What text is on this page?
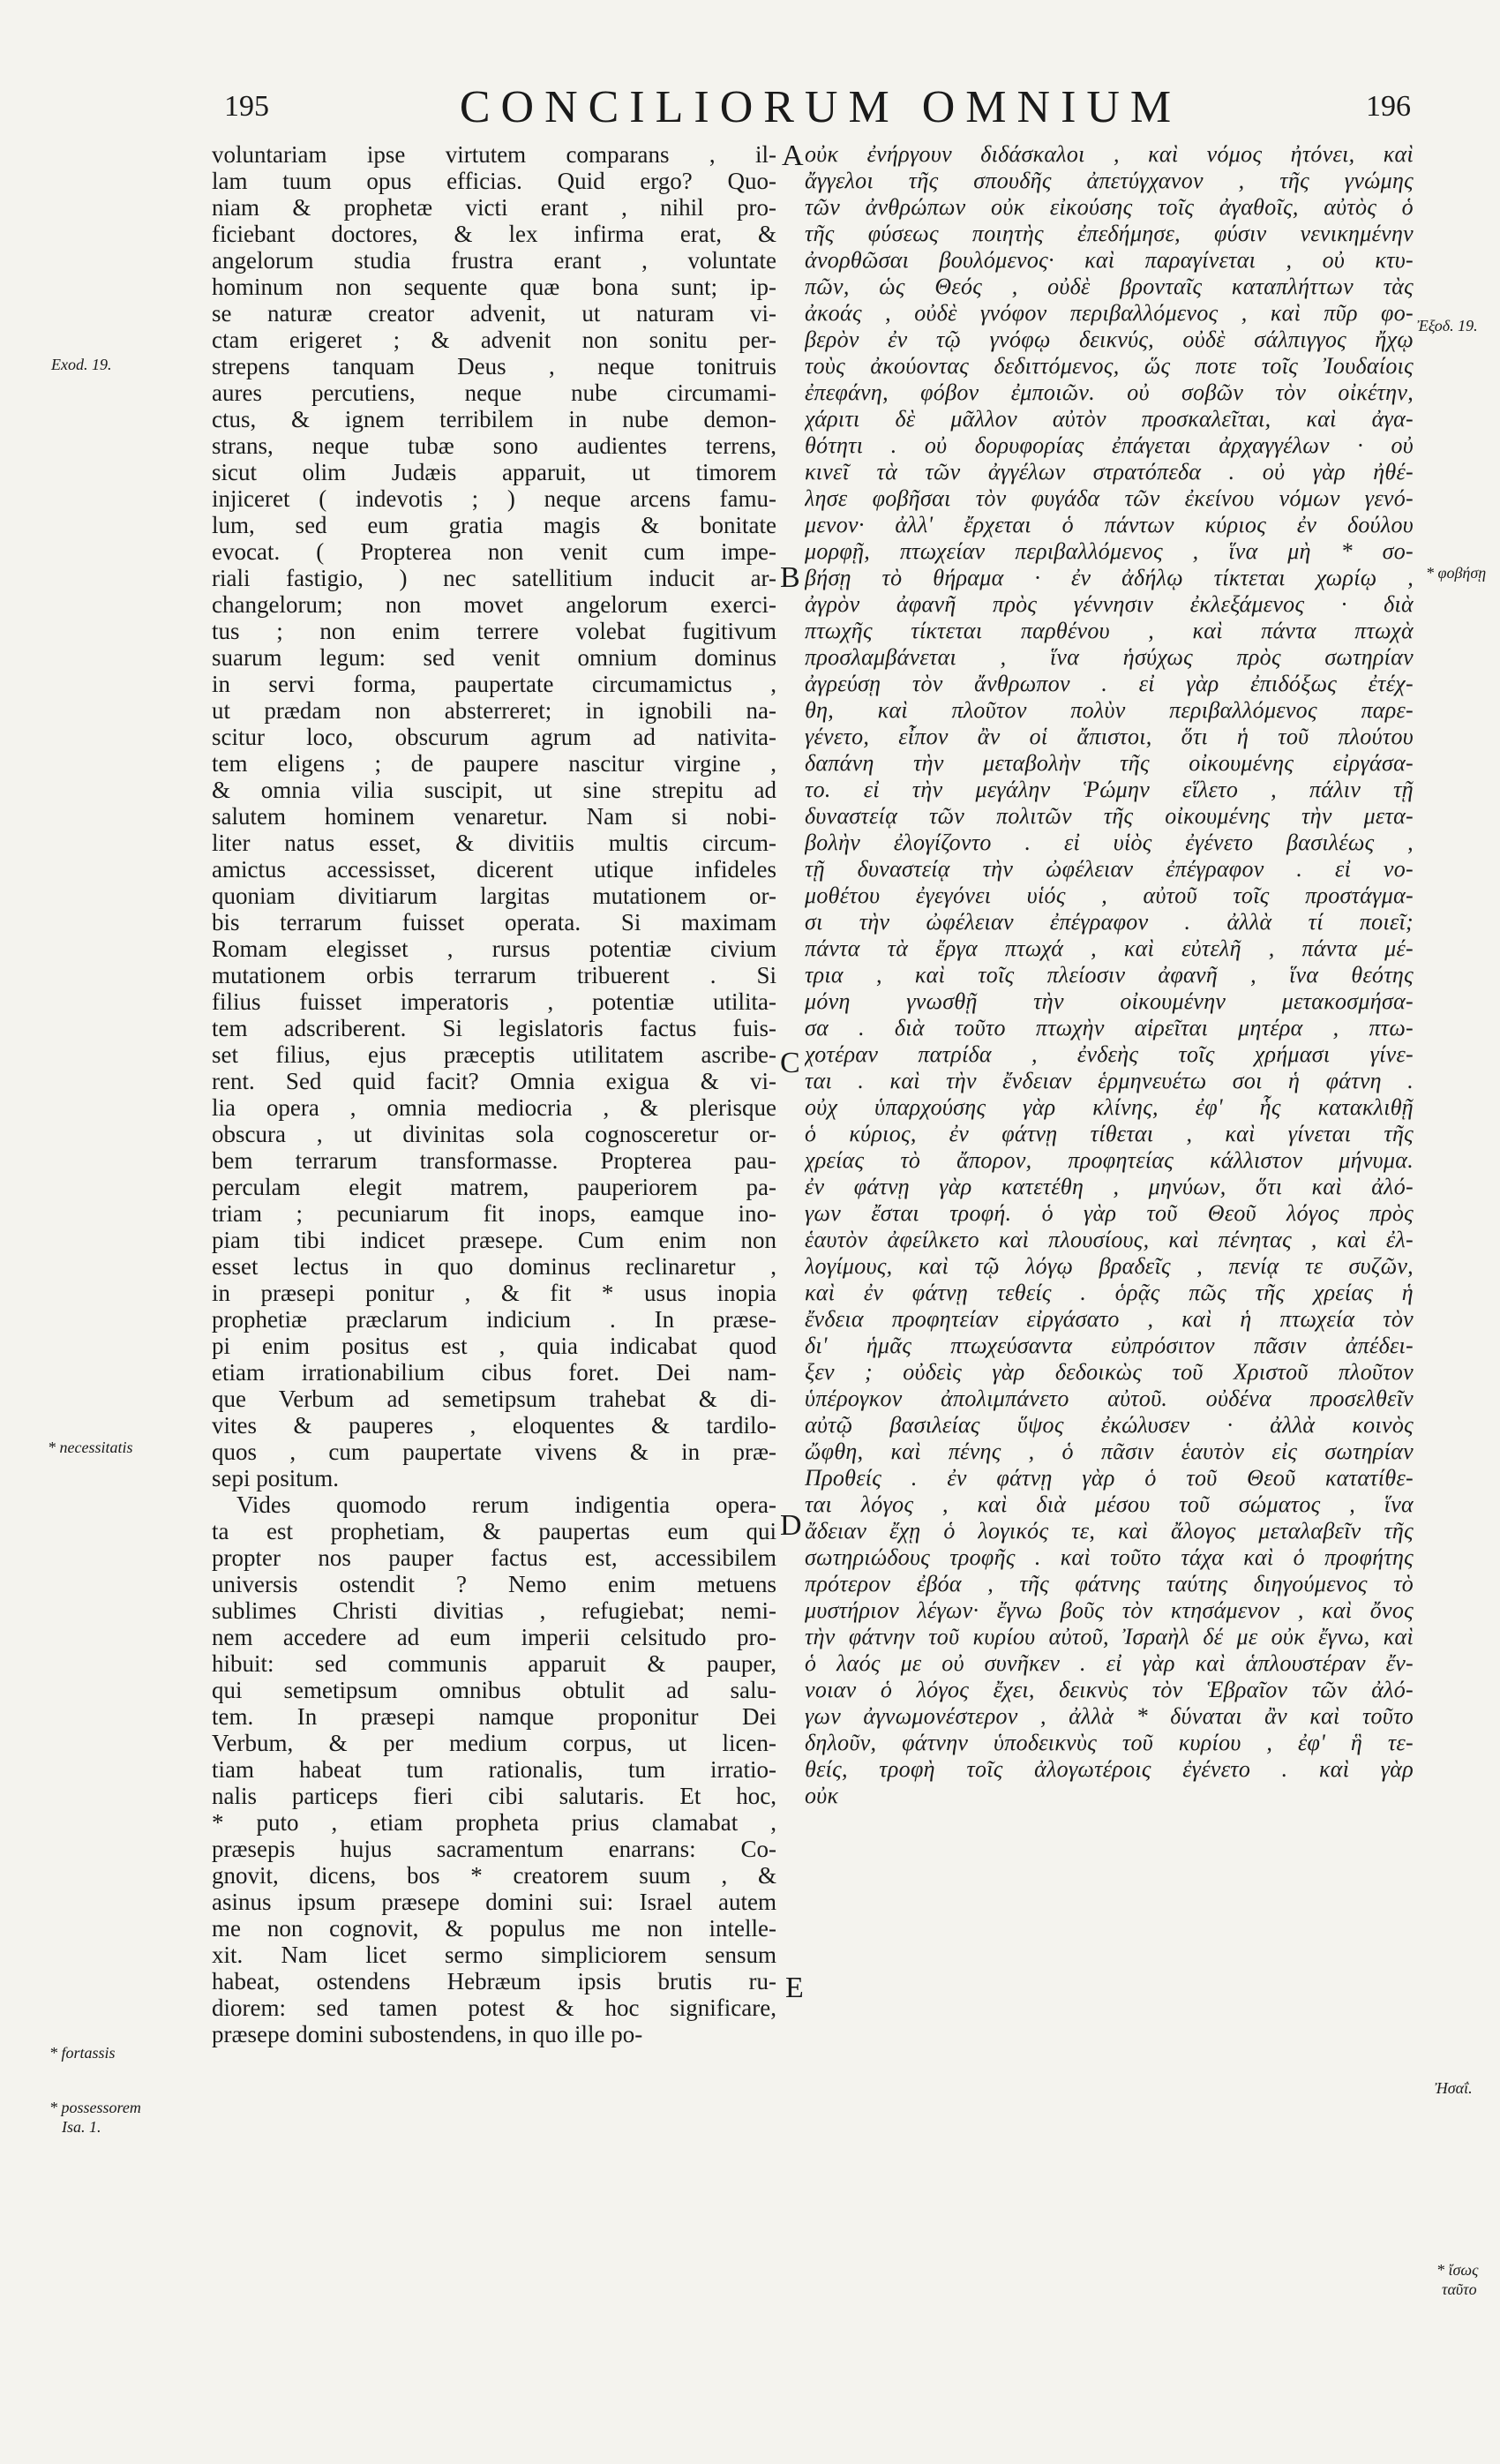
195	CONCILIORUM OMNIUM	196
voluntariam ipse virtutem comparans , il-
lam tuum opus efficias. Quid ergo? Quo-
niam & prophetæ victi erant , nihil pro-
ficiebant doctores, & lex infirma erat, &
angelorum studia frustra erant , voluntate
hominum non sequente quæ bona sunt; ip-
se naturæ creator advenit, ut naturam vi-
ctam erigeret ; & advenit non sonitu per-
strepens tanquam Deus , neque tonitruis
aures percutiens, neque nube circumami-
ctus, & ignem terribilem in nube demon-
strans, neque tubæ sono audientes terrens,
sicut olim Judæis apparuit, ut timorem
injiceret ( indevotis ; ) neque arcens famu-
lum, sed eum gratia magis & bonitate
evocat. ( Propterea non venit cum impe-
riali fastigio, ) nec satellitium inducit ar-
changelorum; non movet angelorum exerci-
tus ; non enim terrere volebat fugitivum
suarum legum: sed venit omnium dominus
in servi forma, paupertate circumamictus ,
ut prædam non absterreret; in ignobili na-
scitur loco, obscurum agrum ad nativita-
tem eligens ; de paupere nascitur virgine ,
& omnia vilia suscipit, ut sine strepitu ad
salutem hominem venaretur. Nam si nobi-
liter natus esset, & divitiis multis circum-
amictus accessisset, dicerent utique infideles
quoniam divitiarum largitas mutationem or-
bis terrarum fuisset operata. Si maximam
Romam elegisset , rursus potentiæ civium
mutationem orbis terrarum tribuerent . Si
filius fuisset imperatoris , potentiæ utilita-
tem adscriberent. Si legislatoris factus fuis-
set filius, ejus præceptis utilitatem ascribe-
rent. Sed quid facit? Omnia exigua & vi-
lia opera , omnia mediocria , & plerisque
obscura , ut divinitas sola cognosceretur or-
bem terrarum transformasse. Propterea pau-
perculam elegit matrem, pauperiorem pa-
triam ; pecuniarum fit inops, eamque ino-
piam tibi indicet præsepe. Cum enim non
esset lectus in quo dominus reclinaretur ,
in præsepi ponitur , & fit * usus inopia
prophetiæ præclarum indicium . In præse-
pi enim positus est , quia indicabat quod
etiam irrationabilium cibus foret. Dei nam-
que Verbum ad semetipsum trahebat & di-
vites & pauperes , eloquentes & tardilo-
quos , cum paupertate vivens & in præ-
sepi positum.
Vides quomodo rerum indigentia opera-
ta est prophetiam, & paupertas eum qui
propter nos pauper factus est, accessibilem
universis ostendit ? Nemo enim metuens
sublimes Christi divitias , refugiebat; nemi-
nem accedere ad eum imperii celsitudo pro-
hibuit: sed communis apparuit & pauper,
qui semetipsum omnibus obtulit ad salu-
tem. In præsepi namque proponitur Dei
Verbum, & per medium corpus, ut licen-
tiam habeat tum rationalis, tum irratio-
nalis particeps fieri cibi salutaris. Et hoc,
* puto , etiam propheta prius clamabat ,
præsepis hujus sacramentum enarrans: Co-
gnovit, dicens, bos * creatorem suum , &
asinus ipsum præsepe domini sui: Israel autem
me non cognovit, & populus me non intelle-
xit. Nam licet sermo simpliciorem sensum
habeat, ostendens Hebræum ipsis brutis ru-
diorem: sed tamen potest & hoc significare,
præsepe domini subostendens, in quo ille po-
οὐκ ἐνήργουν διδάσκαλοι , καὶ νόμος ἠτόνει, καὶ
ἄγγελοι τῆς σπουδῆς ἀπετύγχανον , τῆς γνώμης
τῶν ἀνθρώπων οὐκ εἰκούσης τοῖς ἀγαθοῖς, αὐτὸς ὁ
τῆς φύσεως ποιητὴς ἐπεδήμησε, φύσιν νενικημένην
ἀνορθῶσαι βουλόμενος· καὶ παραγίνεται , οὐ κτυ-
πῶν, ὡς Θεός , οὐδὲ βρονταῖς καταπλήττων τὰς
ἀκοάς , οὐδὲ γνόφον περιβαλλόμενος , καὶ πῦρ φο-
βερὸν ἐν τῷ γνόφῳ δεικνύς, οὐδὲ σάλπιγγος ἤχῳ
τοὺς ἀκούοντας δεδιττόμενος, ὥς ποτε τοῖς Ἰουδαίοις
ἐπεφάνη, φόβον ἐμποιῶν. οὐ σοβῶν τὸν οἰκέτην,
χάριτι δὲ μᾶλλον αὐτὸν προσκαλεῖται, καὶ ἀγα-
θότητι . οὐ δορυφορίας ἐπάγεται ἀρχαγγέλων · οὐ
κινεῖ τὰ τῶν ἀγγέλων στρατόπεδα . οὐ γὰρ ἠθέ-
λησε φοβῆσαι τὸν φυγάδα τῶν ἐκείνου νόμων γενό-
μενον· ἀλλ' ἔρχεται ὁ πάντων κύριος ἐν δούλου
μορφῇ, πτωχείαν περιβαλλόμενος , ἵνα μὴ * σο-
βήσῃ τὸ θήραμα · ἐν ἀδήλῳ τίκτεται χωρίῳ ,
ἀγρὸν ἀφανῆ πρὸς γέννησιν ἐκλεξάμενος · διὰ
πτωχῆς τίκτεται παρθένου , καὶ πάντα πτωχὰ
προσλαμβάνεται , ἵνα ἡσύχως πρὸς σωτηρίαν
ἀγρεύσῃ τὸν ἄνθρωπον . εἰ γὰρ ἐπιδόξως ἐτέχ-
θη, καὶ πλοῦτον πολὺν περιβαλλόμενος παρε-
γένετο, εἶπον ἂν οἱ ἄπιστοι, ὅτι ἡ τοῦ πλούτου
δαπάνη τὴν μεταβολὴν τῆς οἰκουμένης εἰργάσα-
το. εἰ τὴν μεγάλην Ῥώμην εἵλετο , πάλιν τῇ
δυναστείᾳ τῶν πολιτῶν τῆς οἰκουμένης τὴν μετα-
βολὴν ἐλογίζοντο . εἰ υἱὸς ἐγένετο βασιλέως ,
τῇ δυναστείᾳ τὴν ὠφέλειαν ἐπέγραφον . εἰ νο-
μοθέτου ἐγεγόνει υἱός , αὐτοῦ τοῖς προστάγμα-
σι τὴν ὠφέλειαν ἐπέγραφον . ἀλλὰ τί ποιεῖ;
πάντα τὰ ἔργα πτωχά , καὶ εὐτελῆ , πάντα μέ-
τρια , καὶ τοῖς πλείοσιν ἀφανῆ , ἵνα θεότης
μόνη γνωσθῇ τὴν οἰκουμένην μετακοσμήσα-
σα . διὰ τοῦτο πτωχὴν αἱρεῖται μητέρα , πτω-
χοτέραν πατρίδα , ἐνδεὴς τοῖς χρήμασι γίνε-
ται . καὶ τὴν ἔνδειαν ἑρμηνευέτω σοι ἡ φάτνη .
οὐχ ὑπαρχούσης γὰρ κλίνης, ἐφ' ἧς κατακλιθῇ
ὁ κύριος, ἐν φάτνῃ τίθεται , καὶ γίνεται τῆς
χρείας τὸ ἄπορον, προφητείας κάλλιστον μήνυμα.
ἐν φάτνῃ γὰρ κατετέθη , μηνύων, ὅτι καὶ ἀλό-
γων ἔσται τροφή. ὁ γὰρ τοῦ Θεοῦ λόγος πρὸς
ἑαυτὸν ἀφείλκετο καὶ πλουσίους, καὶ πένητας , καὶ ἐλ-
λογίμους, καὶ τῷ λόγῳ βραδεῖς , πενίᾳ τε συζῶν,
καὶ ἐν φάτνῃ τεθείς . ὁρᾷς πῶς τῆς χρείας ἡ
ἔνδεια προφητείαν εἰργάσατο , καὶ ἡ πτωχεία τὸν
δι' ἡμᾶς πτωχεύσαντα εὐπρόσιτον πᾶσιν ἀπέδει-
ξεν ; οὐδεὶς γὰρ δεδοικὼς τοῦ Χριστοῦ πλοῦτον
ὑπέρογκον ἀπολιμπάνετο αὐτοῦ. οὐδένα προσελθεῖν
αὐτῷ βασιλείας ὕψος ἐκώλυσεν · ἀλλὰ κοινὸς
ὤφθη, καὶ πένης , ὁ πᾶσιν ἑαυτὸν εἰς σωτηρίαν
Προθείς . ἐν φάτνῃ γὰρ ὁ τοῦ Θεοῦ κατατίθε-
ται λόγος , καὶ διὰ μέσου τοῦ σώματος , ἵνα
ἄδειαν ἔχῃ ὁ λογικός τε, καὶ ἄλογος μεταλαβεῖν τῆς
σωτηριώδους τροφῆς . καὶ τοῦτο τάχα καὶ ὁ προφήτης
πρότερον ἐβόα , τῆς φάτνης ταύτης διηγούμενος τὸ
μυστήριον λέγων· ἔγνω βοῦς τὸν κτησάμενον , καὶ ὄνος
τὴν φάτνην τοῦ κυρίου αὐτοῦ, Ἰσραὴλ δέ με οὐκ ἔγνω, καὶ
ὁ λαός με οὐ συνῆκεν . εἰ γὰρ καὶ ἁπλουστέραν ἔν-
νοιαν ὁ λόγος ἔχει, δεικνὺς τὸν Ἑβραῖον τῶν ἀλό-
γων ἀγνωμονέστερον , ἀλλὰ * δύναται ἂν καὶ τοῦτο
δηλοῦν, φάτνην ὑποδεικνὺς τοῦ κυρίου , ἐφ' ἣ τε-
θείς, τροφὴ τοῖς ἀλογωτέροις ἐγένετο . καὶ γὰρ
οὐκ
Exod. 19.
* necessitatis
* fortassis
* possessorem
Isa. 1.
Ἐξοδ. 19.
* φοβήσῃ
Ἠσαΐ.
* ἴσως
ταῦτο
A
B
C
D
E
